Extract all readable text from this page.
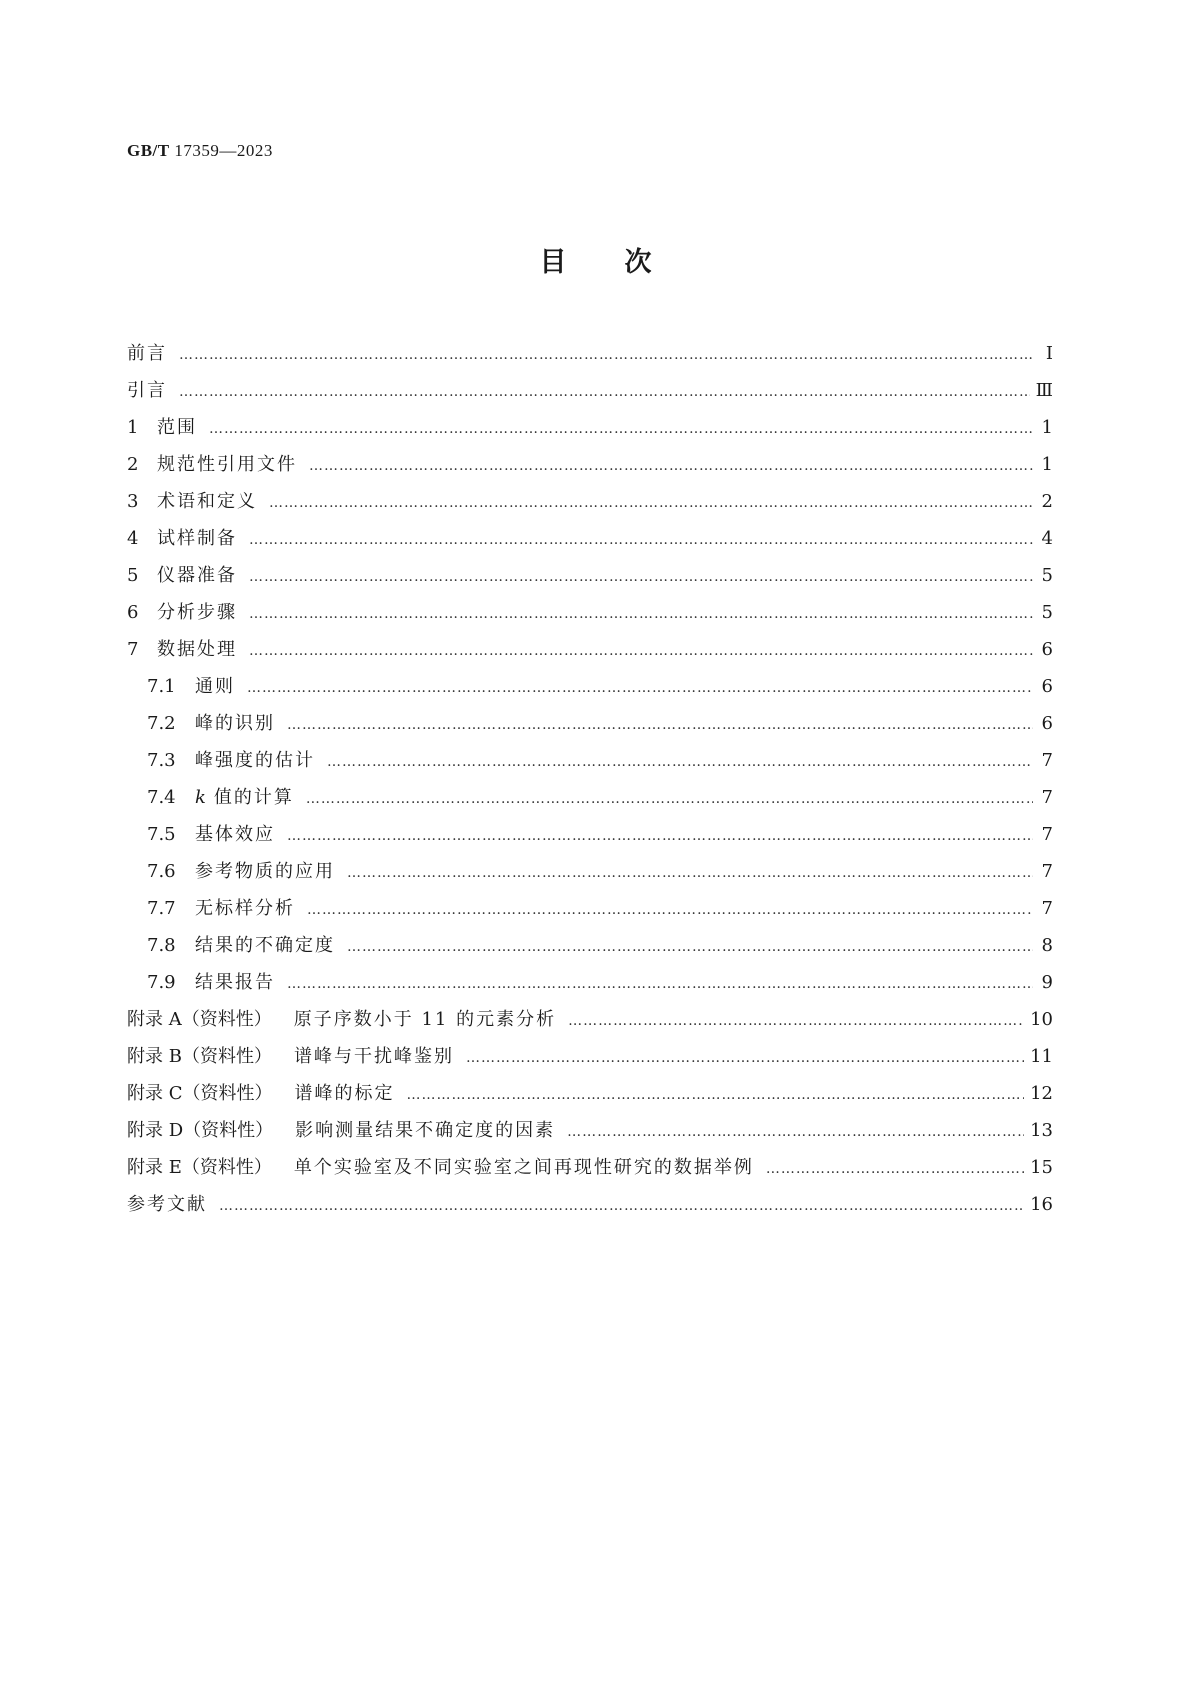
GB/T 17359—2023
目次
前言 ………………………………………………………………………………………………………………………………………………………………………………………………………………	Ⅰ
引言 ………………………………………………………………………………………………………………………………………………………………………………………………………………	Ⅲ
1	范围 ………………………………………………………………………………………………………………………………………………………………………………………………………………	1
2	规范性引用文件 ………………………………………………………………………………………………………………………………………………………………………………………………………………	1
3	术语和定义 ………………………………………………………………………………………………………………………………………………………………………………………………………………	2
4	试样制备 ………………………………………………………………………………………………………………………………………………………………………………………………………………	4
5	仪器准备 ………………………………………………………………………………………………………………………………………………………………………………………………………………	5
6	分析步骤 ………………………………………………………………………………………………………………………………………………………………………………………………………………	5
7	数据处理 ………………………………………………………………………………………………………………………………………………………………………………………………………………	6
7.1	通则 ………………………………………………………………………………………………………………………………………………………………………………………………………………	6
7.2	峰的识别 ………………………………………………………………………………………………………………………………………………………………………………………………………………	6
7.3	峰强度的估计 ………………………………………………………………………………………………………………………………………………………………………………………………………………	7
7.4	k 值的计算 ………………………………………………………………………………………………………………………………………………………………………………………………………………	7
7.5	基体效应 ………………………………………………………………………………………………………………………………………………………………………………………………………………	7
7.6	参考物质的应用 ………………………………………………………………………………………………………………………………………………………………………………………………………………	7
7.7	无标样分析 ………………………………………………………………………………………………………………………………………………………………………………………………………………	7
7.8	结果的不确定度 ………………………………………………………………………………………………………………………………………………………………………………………………………………	8
7.9	结果报告 ………………………………………………………………………………………………………………………………………………………………………………………………………………	9
附录 A（资料性） 原子序数小于 11 的元素分析 ………………………………………………………………………………………………………………………………………………………………………………………………………………	10
附录 B（资料性） 谱峰与干扰峰鉴别 ………………………………………………………………………………………………………………………………………………………………………………………………………………	11
附录 C（资料性） 谱峰的标定 ………………………………………………………………………………………………………………………………………………………………………………………………………………	12
附录 D（资料性） 影响测量结果不确定度的因素 ………………………………………………………………………………………………………………………………………………………………………………………………………………	13
附录 E（资料性） 单个实验室及不同实验室之间再现性研究的数据举例 ………………………………………………………………………………………………………………………………………………………………………………………………………………	15
参考文献 ………………………………………………………………………………………………………………………………………………………………………………………………………………	16
